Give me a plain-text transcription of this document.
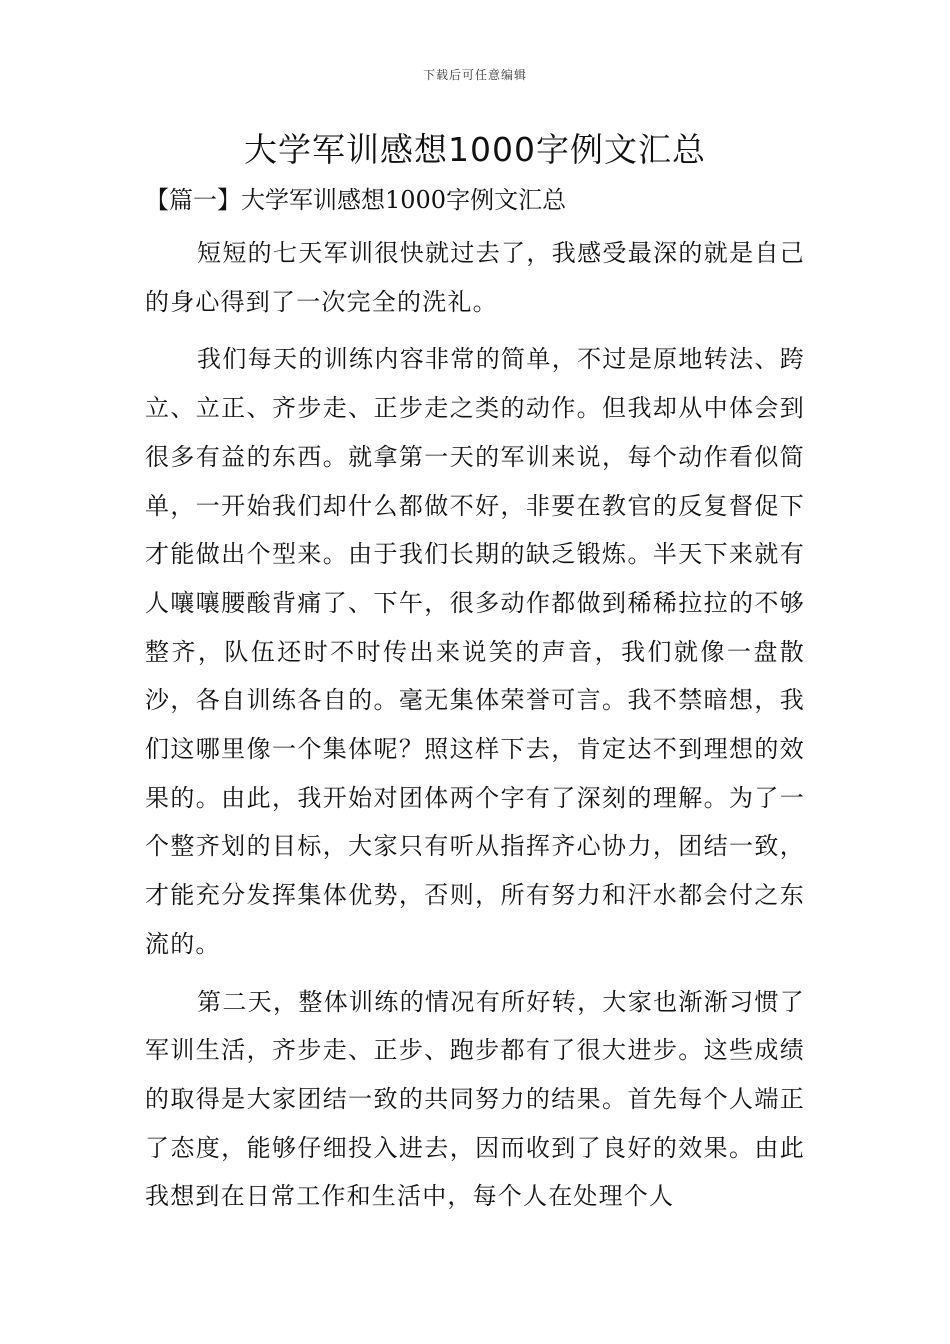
下载后可任意编辑
大学军训感想1000字例文汇总
【篇一】大学军训感想1000字例文汇总

短短的七天军训很快就过去了，我感受最深的就是自己的身心得到了一次完全的洗礼。

我们每天的训练内容非常的简单，不过是原地转法、跨立、立正、齐步走、正步走之类的动作。但我却从中体会到很多有益的东西。就拿第一天的军训来说，每个动作看似简单，一开始我们却什么都做不好，非要在教官的反复督促下才能做出个型来。由于我们长期的缺乏锻炼。半天下来就有人嚷嚷腰酸背痛了、下午，很多动作都做到稀稀拉拉的不够整齐，队伍还时不时传出来说笑的声音，我们就像一盘散沙，各自训练各自的。毫无集体荣誉可言。我不禁暗想，我们这哪里像一个集体呢？照这样下去，肯定达不到理想的效果的。由此，我开始对团体两个字有了深刻的理解。为了一个整齐划的目标，大家只有听从指挥齐心协力，团结一致，才能充分发挥集体优势，否则，所有努力和汗水都会付之东流的。

第二天，整体训练的情况有所好转，大家也渐渐习惯了军训生活，齐步走、正步、跑步都有了很大进步。这些成绩的取得是大家团结一致的共同努力的结果。首先每个人端正了态度，能够仔细投入进去，因而收到了良好的效果。由此我想到在日常工作和生活中，每个人在处理个人
